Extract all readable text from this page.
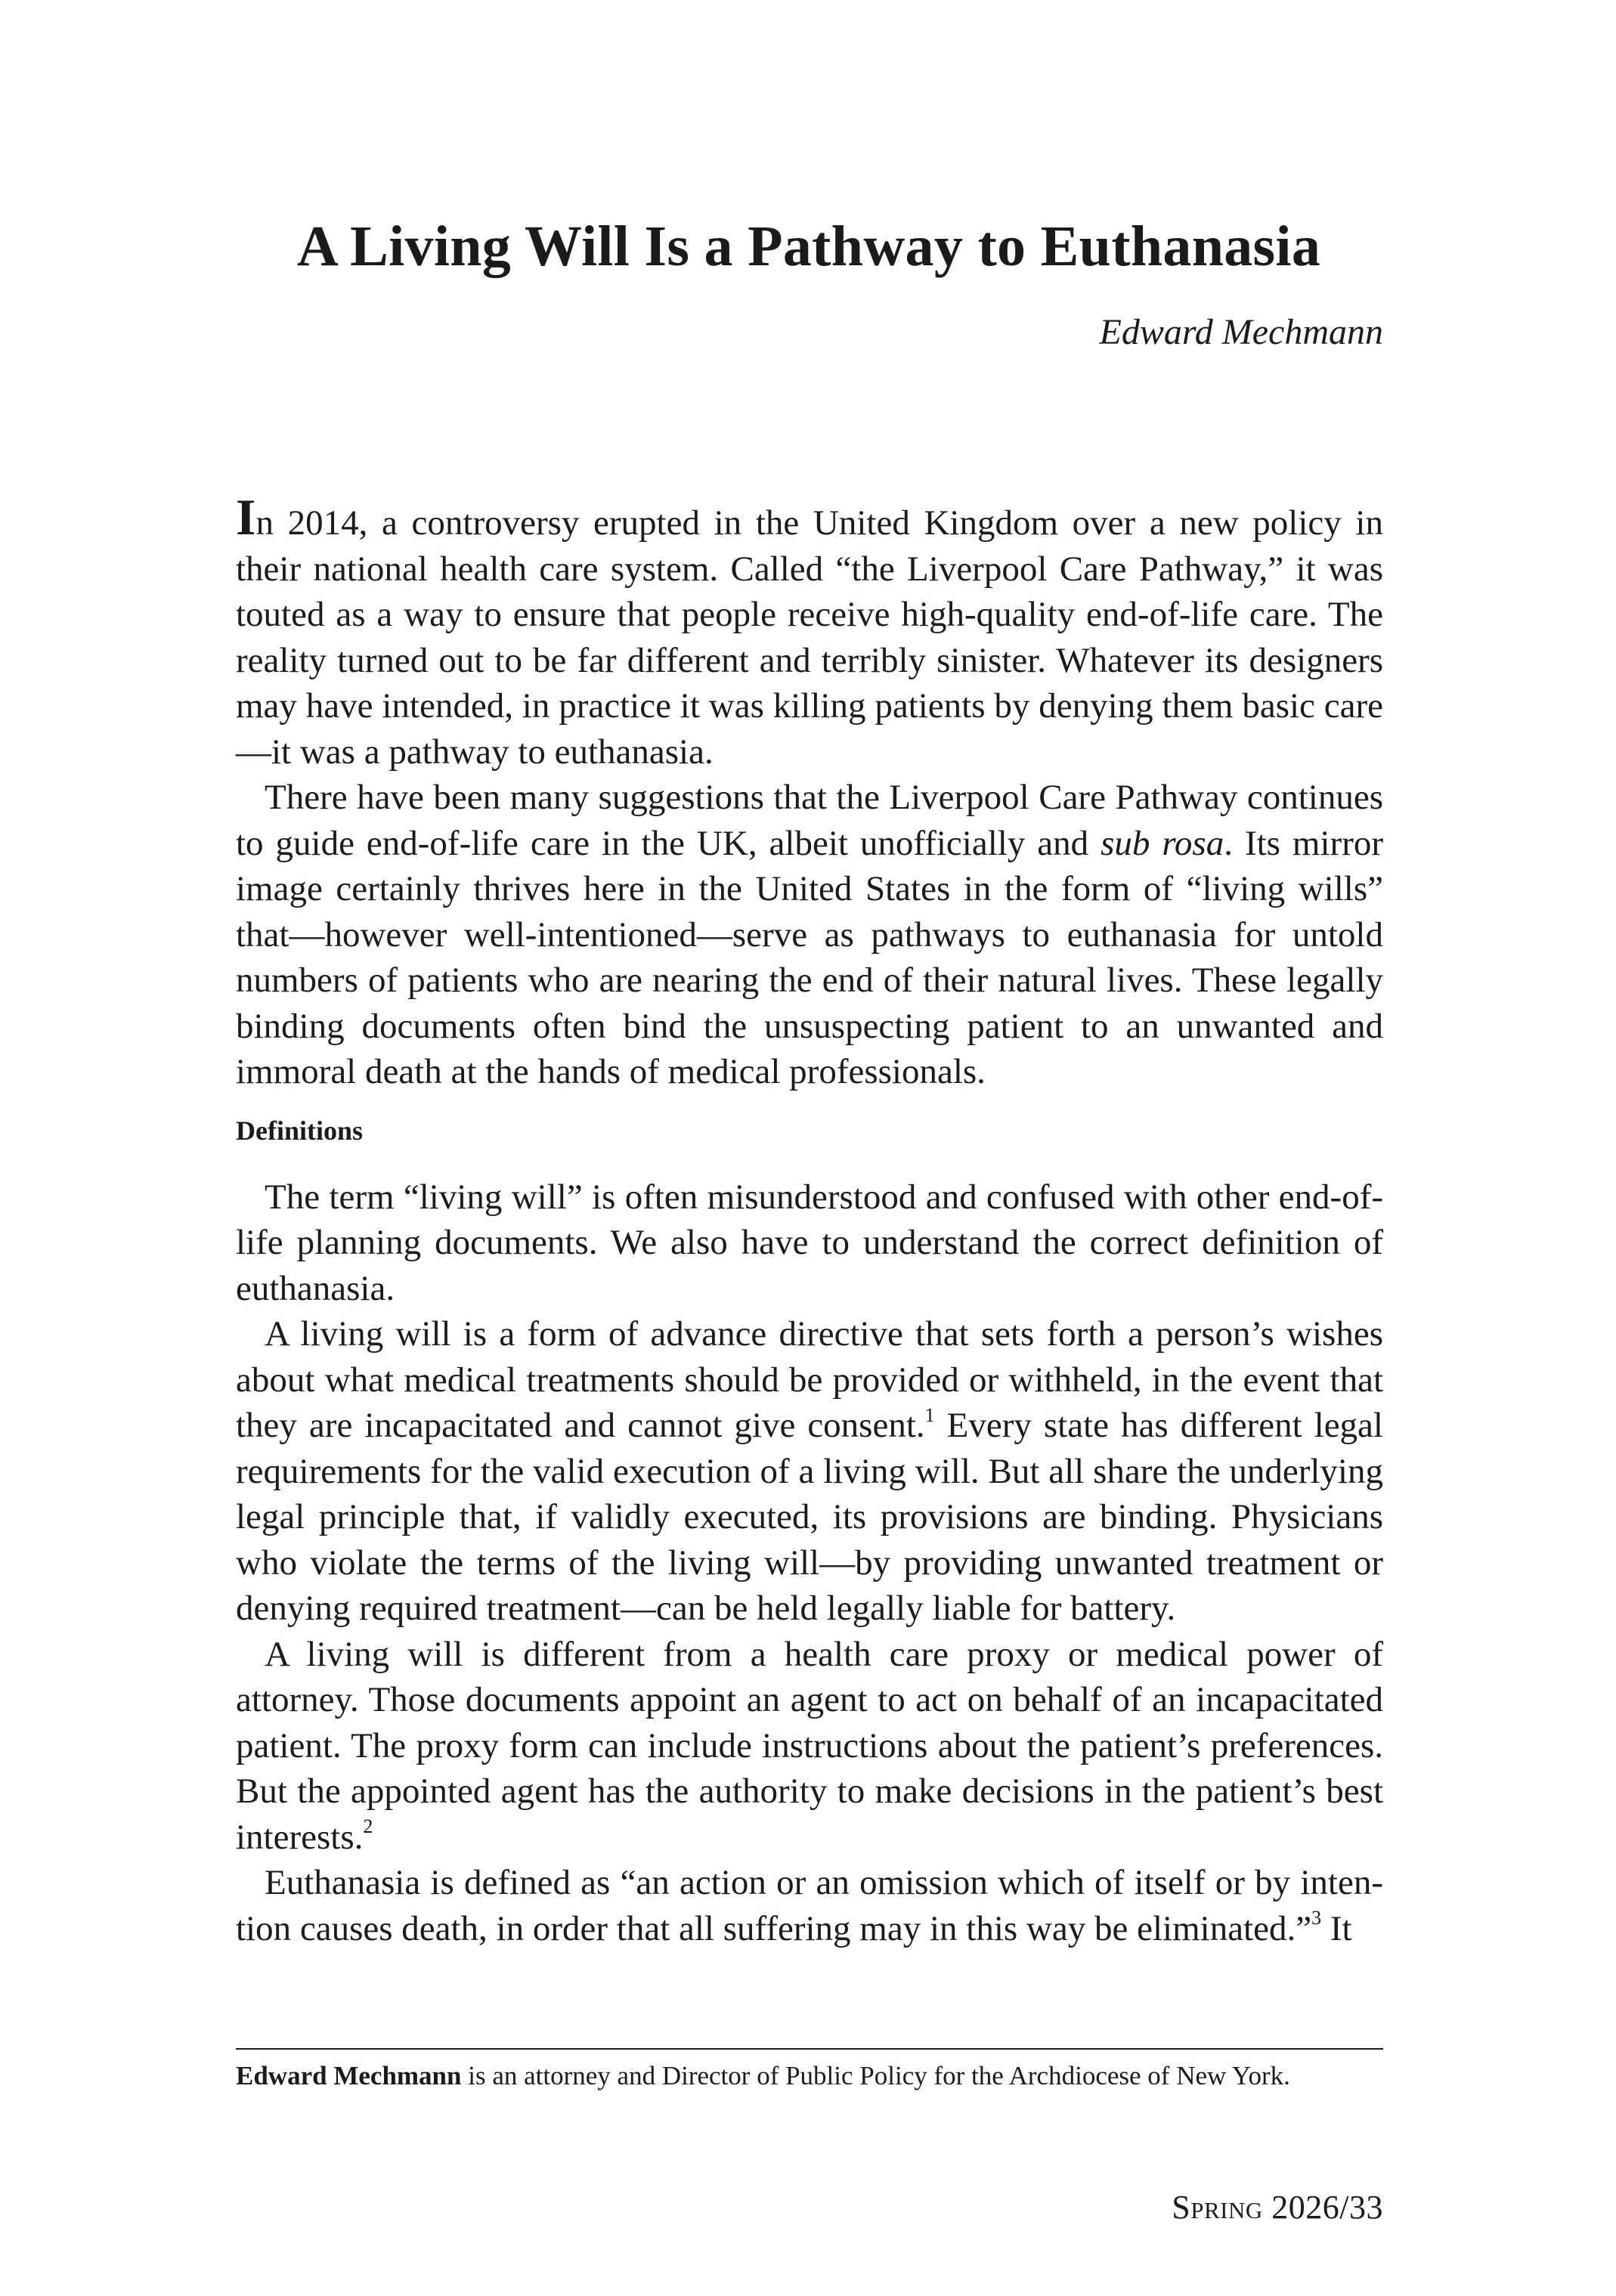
A Living Will Is a Pathway to Euthanasia

Edward Mechmann

In 2014, a controversy erupted in the United Kingdom over a new policy in their national health care system. Called “the Liverpool Care Pathway,” it was touted as a way to ensure that people receive high-quality end-of-life care. The reality turned out to be far different and terribly sinister. Whatever its designers may have intended, in practice it was killing patients by denying them basic care—it was a pathway to euthanasia.

There have been many suggestions that the Liverpool Care Pathway continues to guide end-of-life care in the UK, albeit unofficially and sub rosa. Its mirror image certainly thrives here in the United States in the form of “living wills” that—however well-intentioned—serve as pathways to euthanasia for untold numbers of patients who are nearing the end of their natural lives. These legally binding documents often bind the unsuspecting patient to an unwanted and immoral death at the hands of medical professionals.

Definitions

The term “living will” is often misunderstood and confused with other end-of-life planning documents. We also have to understand the correct definition of euthanasia.

A living will is a form of advance directive that sets forth a person’s wishes about what medical treatments should be provided or withheld, in the event that they are incapacitated and cannot give consent.$^1$ Every state has different legal requirements for the valid execution of a living will. But all share the underlying legal principle that, if validly executed, its provisions are binding. Physicians who violate the terms of the living will—by providing unwanted treatment or denying required treatment—can be held legally liable for battery.

A living will is different from a health care proxy or medical power of attorney. Those documents appoint an agent to act on behalf of an incapacitated patient. The proxy form can include instructions about the patient’s preferences. But the appointed agent has the authority to make decisions in the patient’s best interests.$^2$

Euthanasia is defined as “an action or an omission which of itself or by intention causes death, in order that all suffering may in this way be eliminated.”$^3$ It

Edward Mechmann is an attorney and Director of Public Policy for the Archdiocese of New York.

Spring 2026/33
